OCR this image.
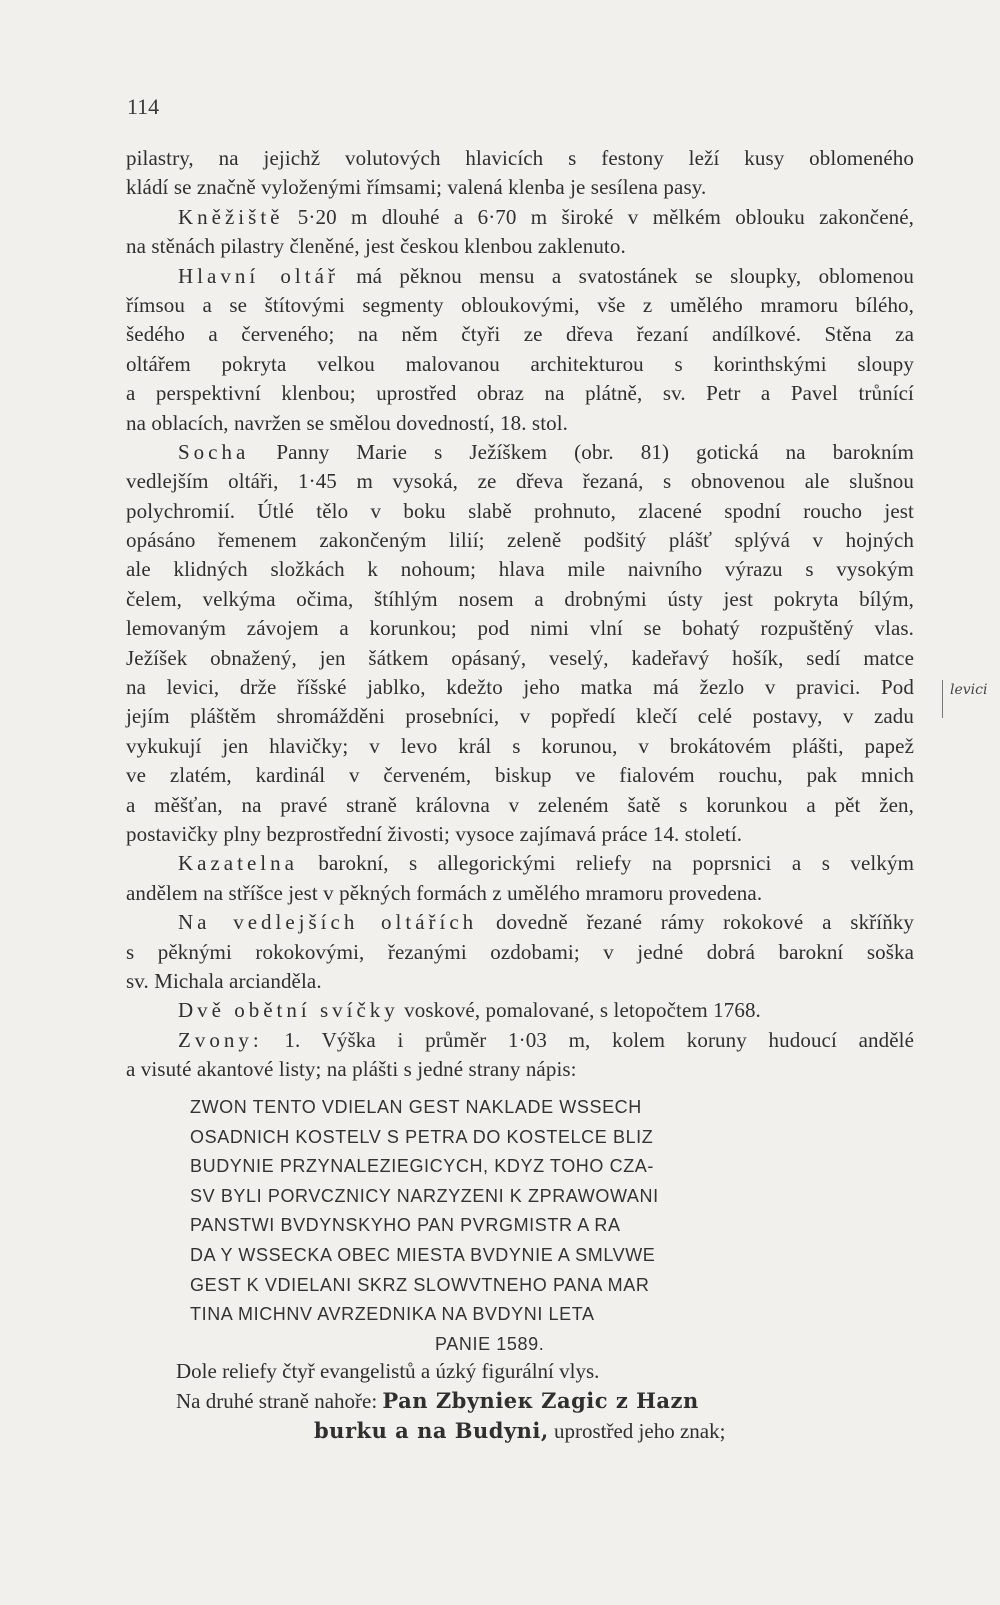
114
levici
pilastry, na jejichž volutových hlavicích s festony leží kusy oblomeného
kládí se značně vyloženými římsami; valená klenba je sesílena pasy.
Kněžiště 5·20 m dlouhé a 6·70 m široké v mělkém oblouku zakončené,
na stěnách pilastry členěné, jest českou klenbou zaklenuto.
Hlavní oltář má pěknou mensu a svatostánek se sloupky, oblomenou
římsou a se štítovými segmenty obloukovými, vše z umělého mramoru bílého,
šedého a červeného; na něm čtyři ze dřeva řezaní andílkové. Stěna za
oltářem pokryta velkou malovanou architekturou s korinthskými sloupy
a perspektivní klenbou; uprostřed obraz na plátně, sv. Petr a Pavel trůnící
na oblacích, navržen se smělou dovedností, 18. stol.
Socha Panny Marie s Ježíškem (obr. 81) gotická na barokním
vedlejším oltáři, 1·45 m vysoká, ze dřeva řezaná, s obnovenou ale slušnou
polychromií. Útlé tělo v boku slabě prohnuto, zlacené spodní roucho jest
opásáno řemenem zakončeným lilií; zeleně podšitý plášť splývá v hojných
ale klidných složkách k nohoum; hlava mile naivního výrazu s vysokým
čelem, velkýma očima, štíhlým nosem a drobnými ústy jest pokryta bílým,
lemovaným závojem a korunkou; pod nimi vlní se bohatý rozpuštěný vlas.
Ježíšek obnažený, jen šátkem opásaný, veselý, kadeřavý hošík, sedí matce
na levici, drže říšské jablko, kdežto jeho matka má žezlo v pravici. Pod
jejím pláštěm shromážděni prosebníci, v popředí klečí celé postavy, v zadu
vykukují jen hlavičky; v levo král s korunou, v brokátovém plášti, papež
ve zlatém, kardinál v červeném, biskup ve fialovém rouchu, pak mnich
a měšťan, na pravé straně královna v zeleném šatě s korunkou a pět žen,
postavičky plny bezprostřední živosti; vysoce zajímavá práce 14. století.
Kazatelna barokní, s allegorickými reliefy na poprsnici a s velkým
andělem na stříšce jest v pěkných formách z umělého mramoru provedena.
Na vedlejších oltářích dovedně řezané rámy rokokové a skříňky
s pěknými rokokovými, řezanými ozdobami; v jedné dobrá barokní soška
sv. Michala arciandělа.
Dvě obětní svíčky voskové, pomalované, s letopočtem 1768.
Zvony: 1. Výška i průměr 1·03 m, kolem koruny hudoucí andělé
a visuté akantové listy; na plášti s jedné strany nápis:
ZWON TENTO VDIELAN GEST NAKLADE WSSECH
OSADNICH KOSTELV S PETRA DO KOSTELCE BLIZ
BUDYNIE PRZYNALEZIEGICYCH, KDYZ TOHO CZA-
SV BYLI PORVCZNICY NARZYZENI K ZPRAWOWANI
PANSTWI BVDYNSKYHO PAN PVRGMISTR A RA
DA Y WSSECKA OBEC MIESTA BVDYNIE A SMLVWE
GEST K VDIELANI SKRZ SLOWVTNEHO PANA MAR
TINA MICHNV AVRZEDNIKA NA BVDYNI LETA
PANIE 1589.
Dole reliefy čtyř evangelistů a úzký figurální vlys.
Na druhé straně nahoře: Pan Zbynieк Zagic z Hazn
burku a na Budyni, uprostřed jeho znak;
